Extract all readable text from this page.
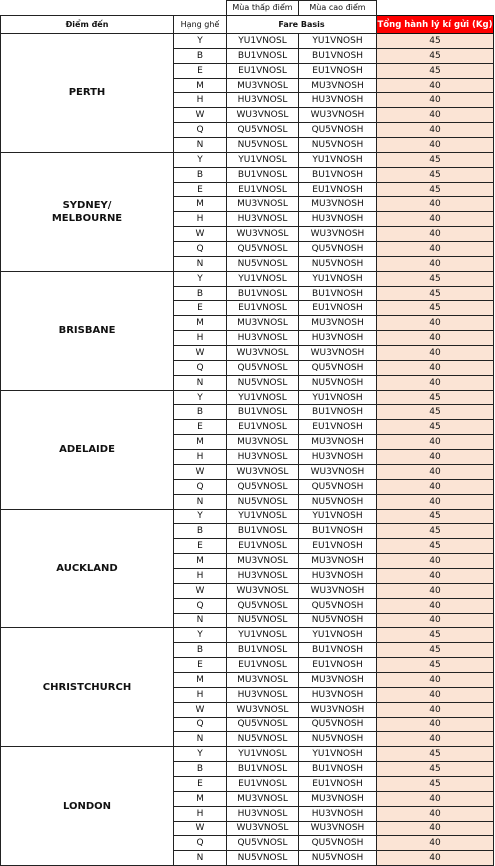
		Mùa thấp điểm	Mùa cao điểm	
Điểm đến	Hạng ghế	Fare Basis		Tổng hành lý kí gửi (Kg)
PERTH	Y	YU1VNOSL	YU1VNOSH	45
	B	BU1VNOSL	BU1VNOSH	45
	E	EU1VNOSL	EU1VNOSH	45
	M	MU3VNOSL	MU3VNOSH	40
	H	HU3VNOSL	HU3VNOSH	40
	W	WU3VNOSL	WU3VNOSH	40
	Q	QU5VNOSL	QU5VNOSH	40
	N	NU5VNOSL	NU5VNOSH	40
SYDNEY/
MELBOURNE	Y	YU1VNOSL	YU1VNOSH	45
	B	BU1VNOSL	BU1VNOSH	45
	E	EU1VNOSL	EU1VNOSH	45
	M	MU3VNOSL	MU3VNOSH	40
	H	HU3VNOSL	HU3VNOSH	40
	W	WU3VNOSL	WU3VNOSH	40
	Q	QU5VNOSL	QU5VNOSH	40
	N	NU5VNOSL	NU5VNOSH	40
BRISBANE	Y	YU1VNOSL	YU1VNOSH	45
	B	BU1VNOSL	BU1VNOSH	45
	E	EU1VNOSL	EU1VNOSH	45
	M	MU3VNOSL	MU3VNOSH	40
	H	HU3VNOSL	HU3VNOSH	40
	W	WU3VNOSL	WU3VNOSH	40
	Q	QU5VNOSL	QU5VNOSH	40
	N	NU5VNOSL	NU5VNOSH	40
ADELAIDE	Y	YU1VNOSL	YU1VNOSH	45
	B	BU1VNOSL	BU1VNOSH	45
	E	EU1VNOSL	EU1VNOSH	45
	M	MU3VNOSL	MU3VNOSH	40
	H	HU3VNOSL	HU3VNOSH	40
	W	WU3VNOSL	WU3VNOSH	40
	Q	QU5VNOSL	QU5VNOSH	40
	N	NU5VNOSL	NU5VNOSH	40
AUCKLAND	Y	YU1VNOSL	YU1VNOSH	45
	B	BU1VNOSL	BU1VNOSH	45
	E	EU1VNOSL	EU1VNOSH	45
	M	MU3VNOSL	MU3VNOSH	40
	H	HU3VNOSL	HU3VNOSH	40
	W	WU3VNOSL	WU3VNOSH	40
	Q	QU5VNOSL	QU5VNOSH	40
	N	NU5VNOSL	NU5VNOSH	40
CHRISTCHURCH	Y	YU1VNOSL	YU1VNOSH	45
	B	BU1VNOSL	BU1VNOSH	45
	E	EU1VNOSL	EU1VNOSH	45
	M	MU3VNOSL	MU3VNOSH	40
	H	HU3VNOSL	HU3VNOSH	40
	W	WU3VNOSL	WU3VNOSH	40
	Q	QU5VNOSL	QU5VNOSH	40
	N	NU5VNOSL	NU5VNOSH	40
LONDON	Y	YU1VNOSL	YU1VNOSH	45
	B	BU1VNOSL	BU1VNOSH	45
	E	EU1VNOSL	EU1VNOSH	45
	M	MU3VNOSL	MU3VNOSH	40
	H	HU3VNOSL	HU3VNOSH	40
	W	WU3VNOSL	WU3VNOSH	40
	Q	QU5VNOSL	QU5VNOSH	40
	N	NU5VNOSL	NU5VNOSH	40
